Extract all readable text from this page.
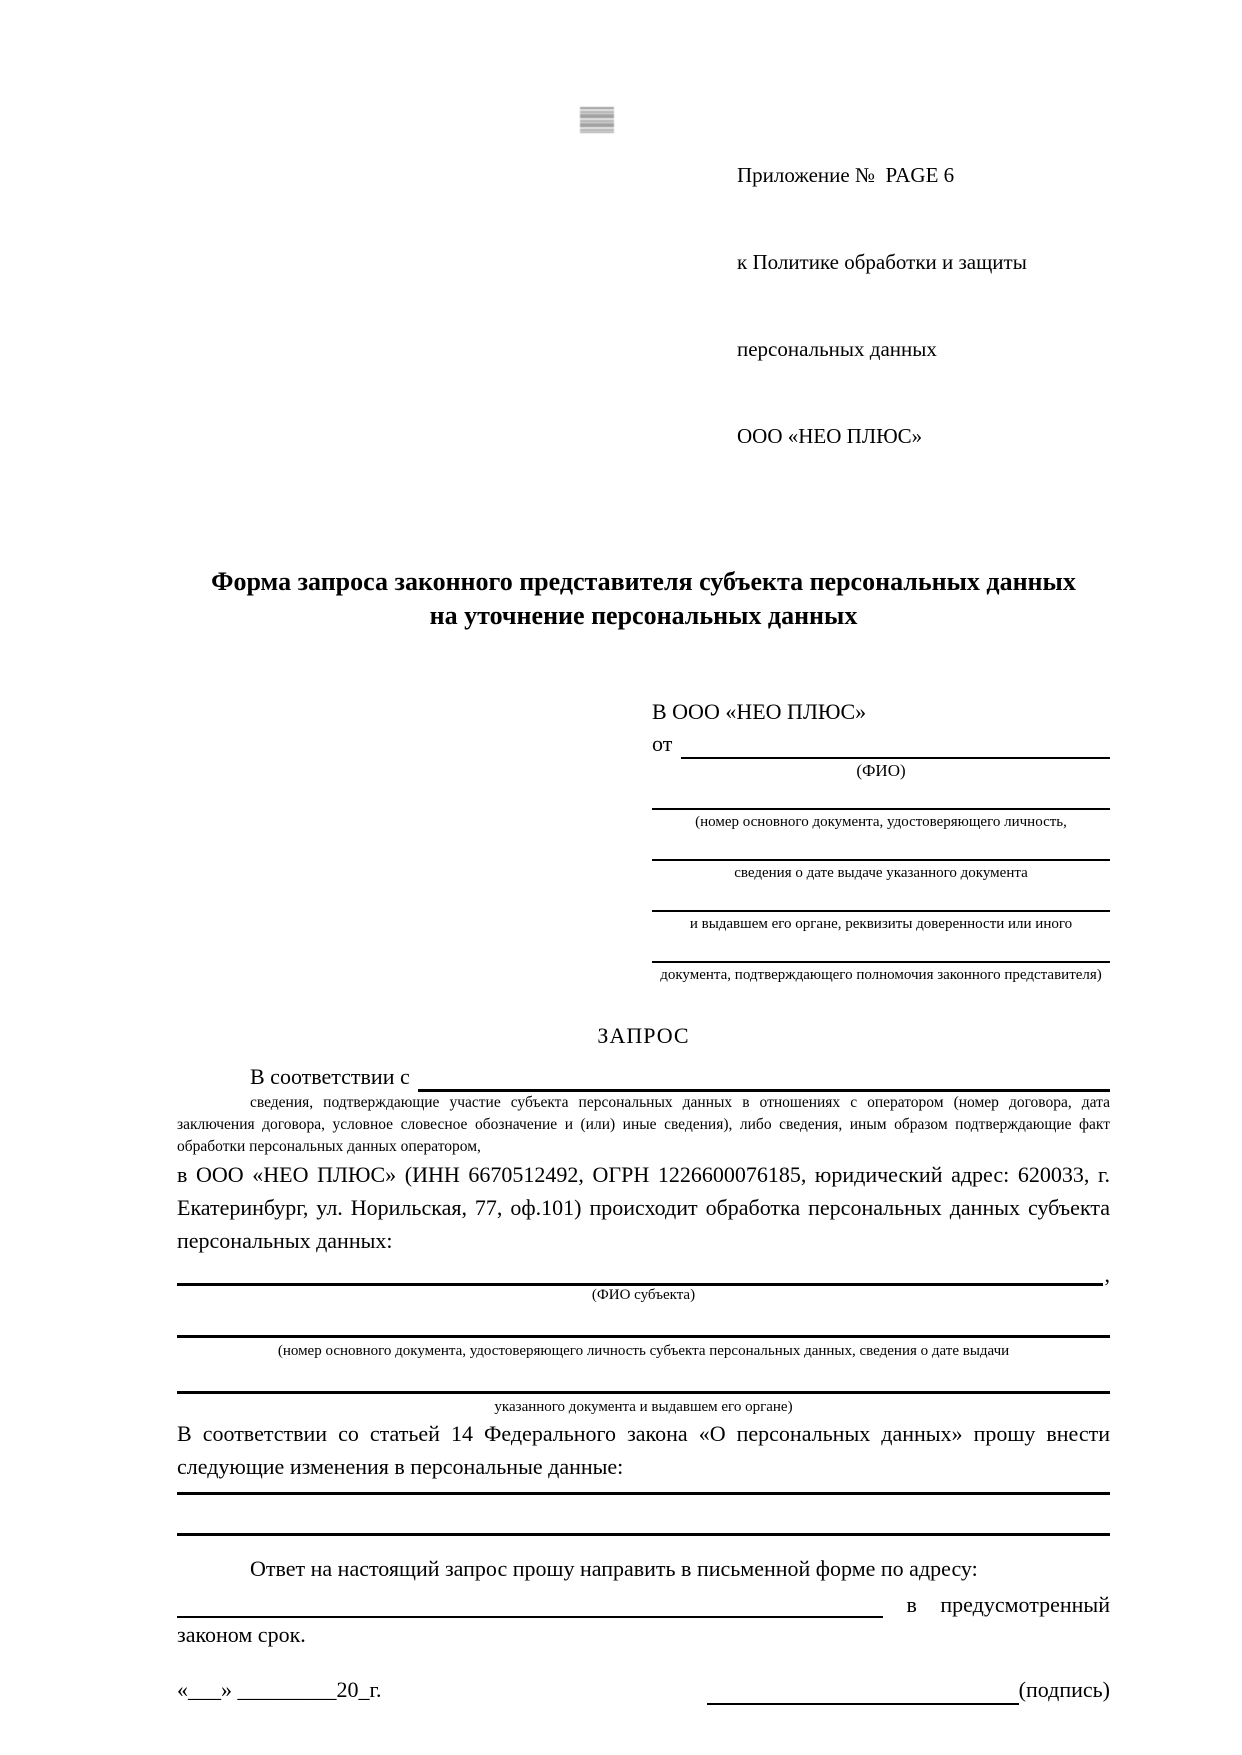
Приложение №  PAGE 6

к Политике обработки и защиты

персональных данных

ООО «НЕО ПЛЮС»

Форма запроса законного представителя субъекта персональных данных
на уточнение персональных данных
В ООО «НЕО ПЛЮС»
от
(ФИО)
(номер основного документа, удостоверяющего личность,
сведения о дате выдаче указанного документа
и выдавшем его органе, реквизиты доверенности или иного
документа, подтверждающего полномочия законного представителя)
ЗАПРОС
В соответствии с
сведения, подтверждающие участие субъекта персональных данных в отношениях с оператором (номер договора, дата заключения договора, условное словесное обозначение и (или) иные сведения), либо сведения, иным образом подтверждающие факт обработки персональных данных оператором,
в ООО «НЕО ПЛЮС» (ИНН 6670512492, ОГРН 1226600076185, юридический адрес: 620033, г. Екатеринбург, ул. Норильская, 77, оф.101) происходит обработка персональных данных субъекта персональных данных:
,
(ФИО субъекта)
(номер основного документа, удостоверяющего личность субъекта персональных данных, сведения о дате выдачи
указанного документа и выдавшем его органе)
В соответствии со статьей 14 Федерального закона «О персональных данных» прошу внести следующие изменения в персональные данные:
Ответ на настоящий запрос прошу направить в письменной форме по адресу:
в предусмотренный
законом срок.
«___» _________20_г.	(подпись)
